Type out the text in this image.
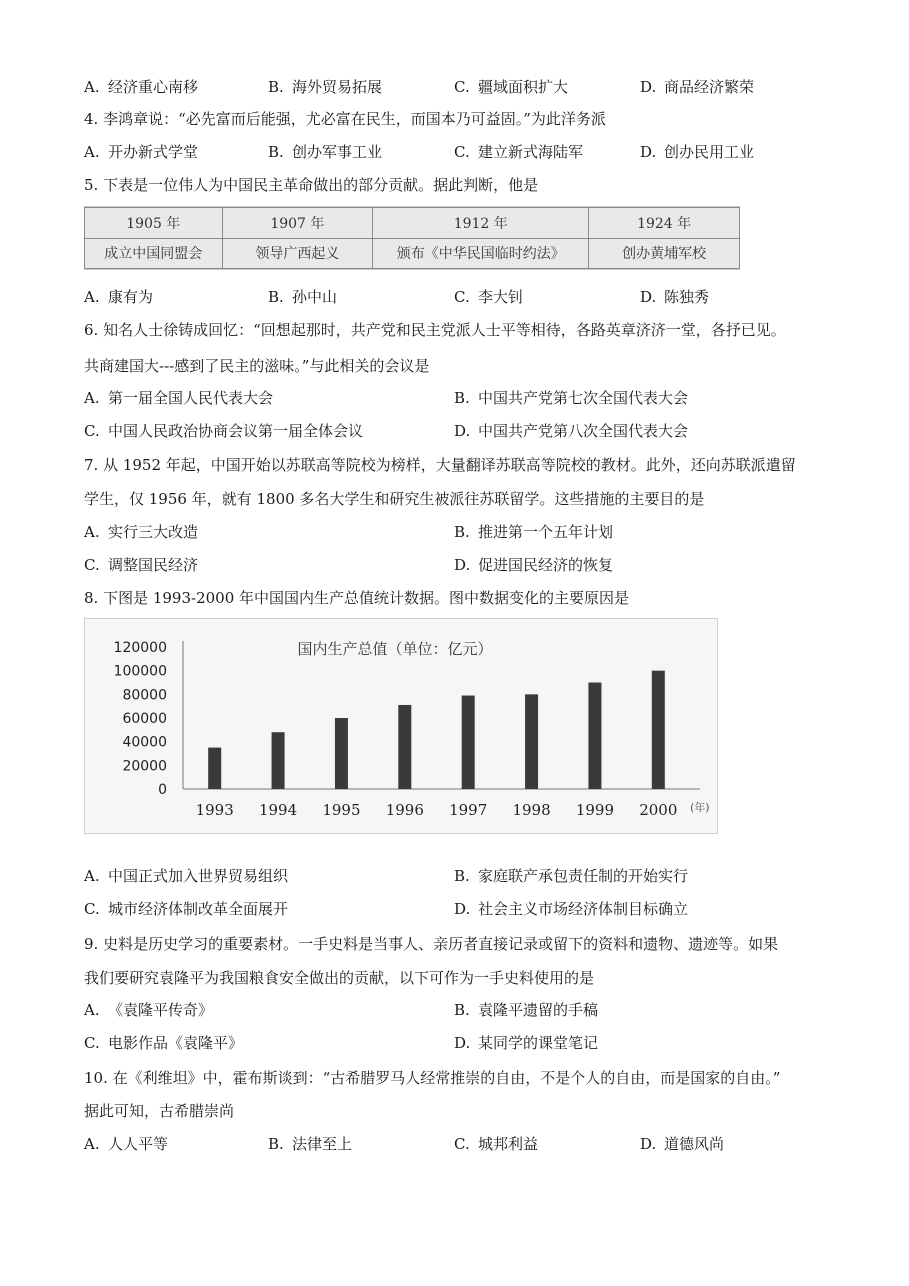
A. 经济重心南移	B. 海外贸易拓展	C. 疆域面积扩大	D. 商品经济繁荣
4. 李鸿章说：“必先富而后能强，尤必富在民生，而国本乃可益固。”为此洋务派
A. 开办新式学堂	B. 创办军事工业	C. 建立新式海陆军	D. 创办民用工业
5. 下表是一位伟人为中国民主革命做出的部分贡献。据此判断，他是
1905 年	1907 年	1912 年	1924 年
成立中国同盟会	领导广西起义	颁布《中华民国临时约法》	创办黄埔军校
A. 康有为	B. 孙中山	C. 李大钊	D. 陈独秀
6. 知名人士徐铸成回忆：“回想起那时，共产党和民主党派人士平等相待，各路英章济济一堂，各抒已见。
共商建国大---感到了民主的滋味。”与此相关的会议是
A. 第一届全国人民代表大会	B. 中国共产党第七次全国代表大会
C. 中国人民政治协商会议第一届全体会议	D. 中国共产党第八次全国代表大会
7. 从 1952 年起，中国开始以苏联高等院校为榜样，大量翻译苏联高等院校的教材。此外，还向苏联派遣留
学生，仅 1956 年，就有 1800 多名大学生和研究生被派往苏联留学。这些措施的主要目的是
A. 实行三大改造	B. 推进第一个五年计划
C. 调整国民经济	D. 促进国民经济的恢复
8. 下图是 1993-2000 年中国国内生产总值统计数据。图中数据变化的主要原因是
120000
100000
80000
60000
40000
20000
0
国内生产总值（单位：亿元）
1993 1994 1995 1996 1997 1998 1999 2000 (年)
A. 中国正式加入世界贸易组织	B. 家庭联产承包责任制的开始实行
C. 城市经济体制改革全面展开	D. 社会主义市场经济体制目标确立
9. 史料是历史学习的重要素材。一手史料是当事人、亲历者直接记录或留下的资料和遗物、遗迹等。如果
我们要研究袁隆平为我国粮食安全做出的贡献，以下可作为一手史料使用的是
A. 《袁隆平传奇》	B. 袁隆平遗留的手稿
C. 电影作品《袁隆平》	D. 某同学的课堂笔记
10. 在《利维坦》中，霍布斯谈到：“古希腊罗马人经常推崇的自由，不是个人的自由，而是国家的自由。”
据此可知，古希腊崇尚
A. 人人平等	B. 法律至上	C. 城邦利益	D. 道德风尚
